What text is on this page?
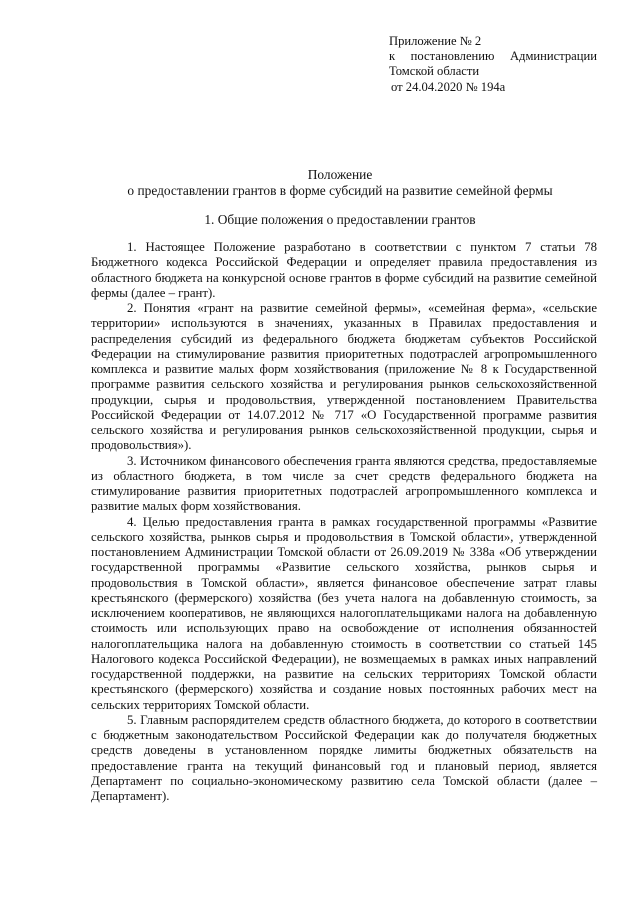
Приложение № 2
к постановлению Администрации
Томской области
от 24.04.2020 № 194а
Положение
о предоставлении грантов в форме субсидий на развитие семейной фермы
1. Общие положения о предоставлении грантов

1. Настоящее Положение разработано в соответствии с пунктом 7 статьи 78 Бюджетного кодекса Российской Федерации и определяет правила предоставления из областного бюджета на конкурсной основе грантов в форме субсидий на развитие семейной фермы (далее – грант).

2. Понятия «грант на развитие семейной фермы», «семейная ферма», «сельские территории» используются в значениях, указанных в Правилах предоставления и распределения субсидий из федерального бюджета бюджетам субъектов Российской Федерации на стимулирование развития приоритетных подотраслей агропромышленного комплекса и развитие малых форм хозяйствования (приложение № 8 к Государственной программе развития сельского хозяйства и регулирования рынков сельскохозяйственной продукции, сырья и продовольствия, утвержденной постановлением Правительства Российской Федерации от 14.07.2012 № 717 «О Государственной программе развития сельского хозяйства и регулирования рынков сельскохозяйственной продукции, сырья и продовольствия»).

3. Источником финансового обеспечения гранта являются средства, предоставляемые из областного бюджета, в том числе за счет средств федерального бюджета на стимулирование развития приоритетных подотраслей агропромышленного комплекса и развитие малых форм хозяйствования.

4. Целью предоставления гранта в рамках государственной программы «Развитие сельского хозяйства, рынков сырья и продовольствия в Томской области», утвержденной постановлением Администрации Томской области от 26.09.2019 № 338а «Об утверждении государственной программы «Развитие сельского хозяйства, рынков сырья и продовольствия в Томской области», является финансовое обеспечение затрат главы крестьянского (фермерского) хозяйства (без учета налога на добавленную стоимость, за исключением кооперативов, не являющихся налогоплательщиками налога на добавленную стоимость или использующих право на освобождение от исполнения обязанностей налогоплательщика налога на добавленную стоимость в соответствии со статьей 145 Налогового кодекса Российской Федерации), не возмещаемых в рамках иных направлений государственной поддержки, на развитие на сельских территориях Томской области крестьянского (фермерского) хозяйства и создание новых постоянных рабочих мест на сельских территориях Томской области.

5. Главным распорядителем средств областного бюджета, до которого в соответствии с бюджетным законодательством Российской Федерации как до получателя бюджетных средств доведены в установленном порядке лимиты бюджетных обязательств на предоставление гранта на текущий финансовый год и плановый период, является Департамент по социально-экономическому развитию села Томской области (далее – Департамент).
